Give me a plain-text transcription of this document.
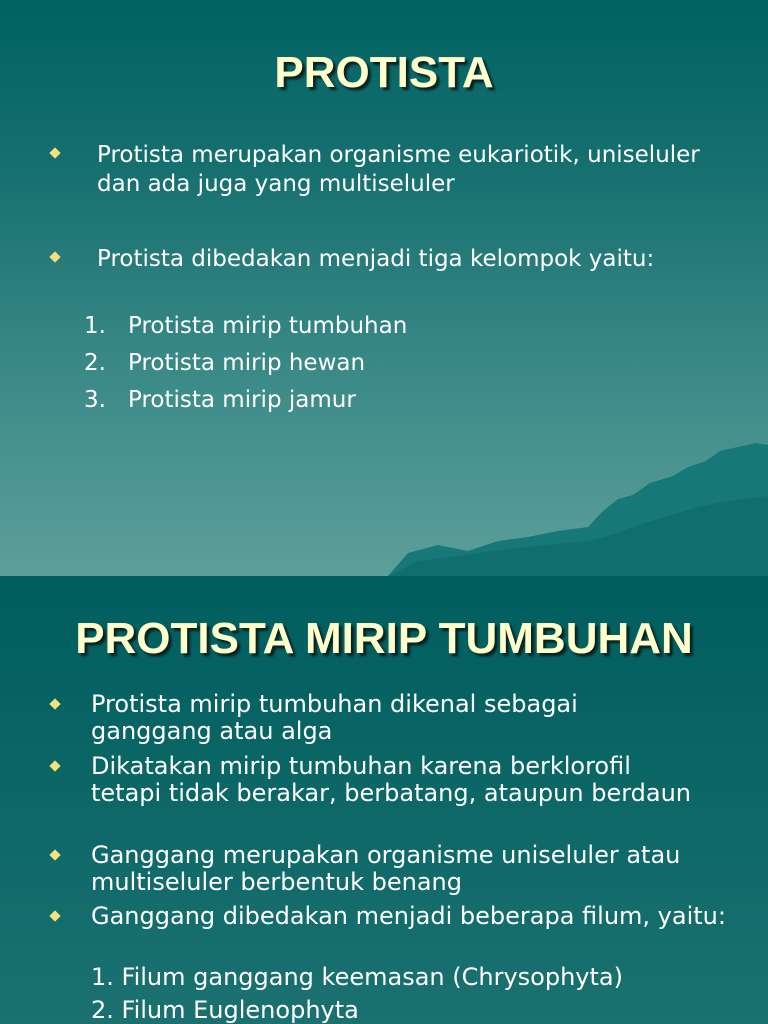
PROTISTA
Protista merupakan organisme eukariotik, uniseluler dan ada juga yang multiseluler
Protista dibedakan menjadi tiga kelompok yaitu:
1. Protista mirip tumbuhan
2. Protista mirip hewan
3. Protista mirip jamur
PROTISTA MIRIP TUMBUHAN
Protista mirip tumbuhan dikenal sebagai ganggang atau alga
Dikatakan mirip tumbuhan karena berklorofil tetapi tidak berakar, berbatang, ataupun berdaun
Ganggang merupakan organisme uniseluler atau multiseluler berbentuk benang
Ganggang dibedakan menjadi beberapa filum, yaitu:
1. Filum ganggang keemasan (Chrysophyta)
2. Filum Euglenophyta
